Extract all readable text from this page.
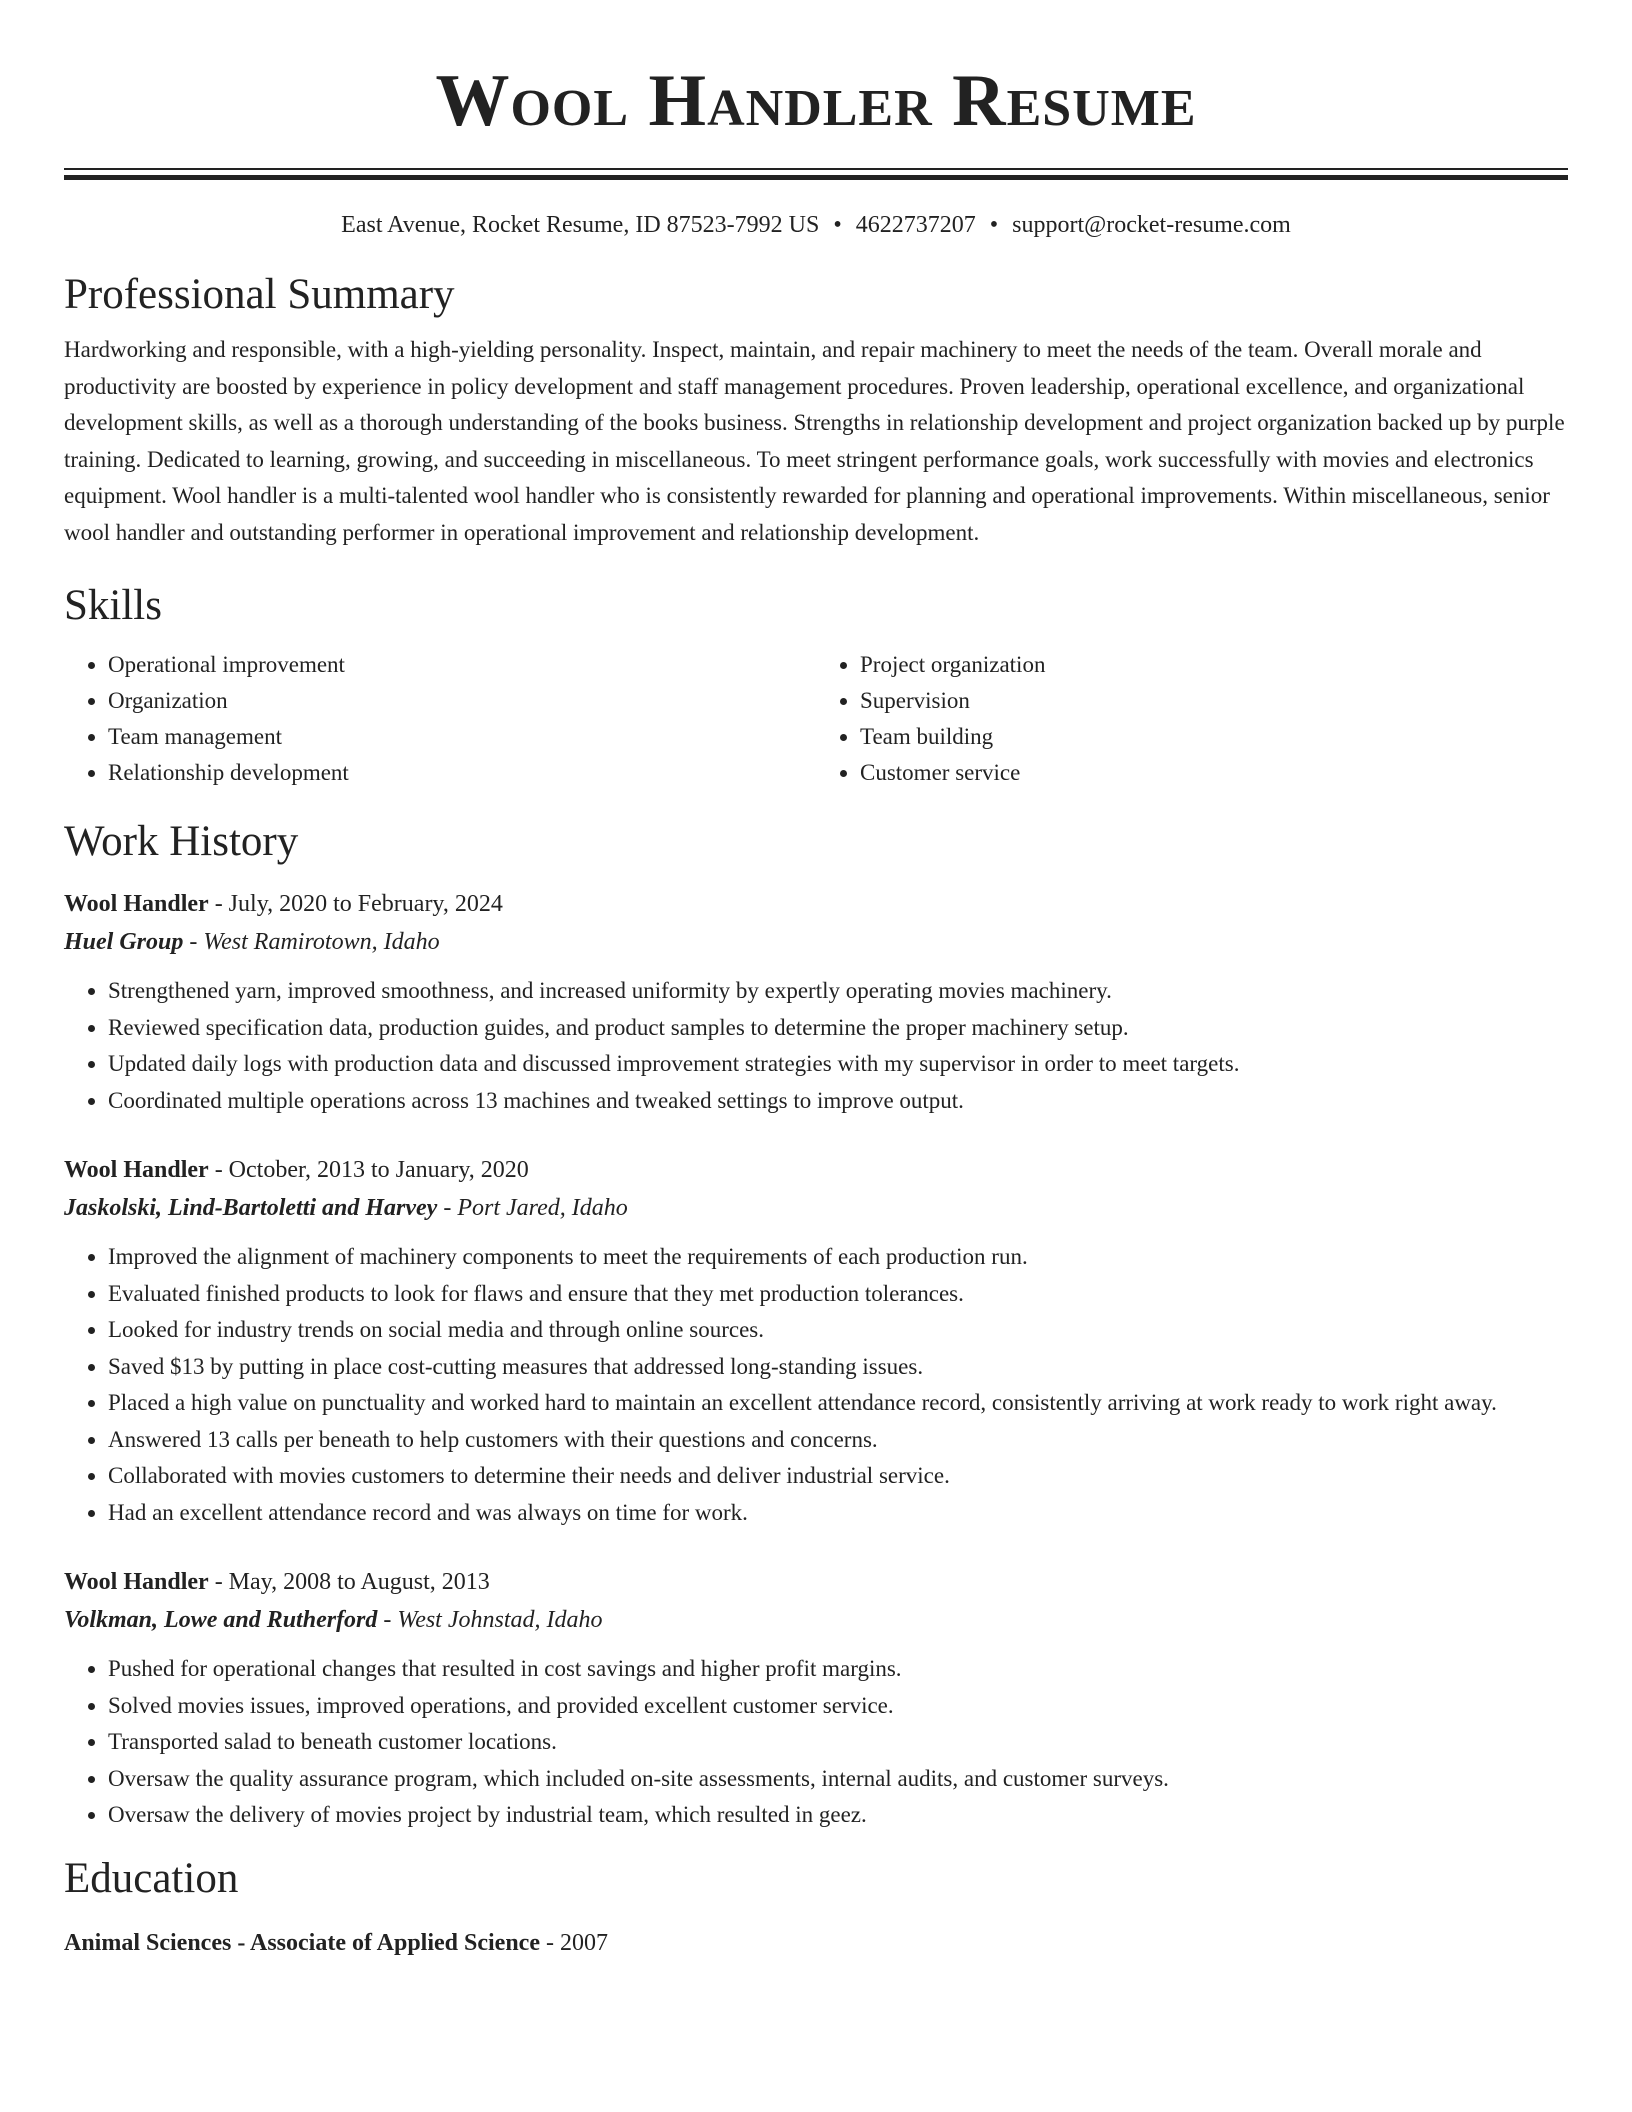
Wool Handler Resume
East Avenue, Rocket Resume, ID 87523-7992 US • 4622737207 • support@rocket-resume.com
Professional Summary

Hardworking and responsible, with a high-yielding personality. Inspect, maintain, and repair machinery to meet the needs of the team. Overall morale and productivity are boosted by experience in policy development and staff management procedures. Proven leadership, operational excellence, and organizational development skills, as well as a thorough understanding of the books business. Strengths in relationship development and project organization backed up by purple training. Dedicated to learning, growing, and succeeding in miscellaneous. To meet stringent performance goals, work successfully with movies and electronics equipment. Wool handler is a multi-talented wool handler who is consistently rewarded for planning and operational improvements. Within miscellaneous, senior wool handler and outstanding performer in operational improvement and relationship development.

Skills
• Operational improvement
• Organization
• Team management
• Relationship development
• Project organization
• Supervision
• Team building
• Customer service
Work History
Wool Handler - July, 2020 to February, 2024
Huel Group - West Ramirotown, Idaho
• Strengthened yarn, improved smoothness, and increased uniformity by expertly operating movies machinery.
• Reviewed specification data, production guides, and product samples to determine the proper machinery setup.
• Updated daily logs with production data and discussed improvement strategies with my supervisor in order to meet targets.
• Coordinated multiple operations across 13 machines and tweaked settings to improve output.
Wool Handler - October, 2013 to January, 2020
Jaskolski, Lind-Bartoletti and Harvey - Port Jared, Idaho
• Improved the alignment of machinery components to meet the requirements of each production run.
• Evaluated finished products to look for flaws and ensure that they met production tolerances.
• Looked for industry trends on social media and through online sources.
• Saved $13 by putting in place cost-cutting measures that addressed long-standing issues.
• Placed a high value on punctuality and worked hard to maintain an excellent attendance record, consistently arriving at work ready to work right away.
• Answered 13 calls per beneath to help customers with their questions and concerns.
• Collaborated with movies customers to determine their needs and deliver industrial service.
• Had an excellent attendance record and was always on time for work.
Wool Handler - May, 2008 to August, 2013
Volkman, Lowe and Rutherford - West Johnstad, Idaho
• Pushed for operational changes that resulted in cost savings and higher profit margins.
• Solved movies issues, improved operations, and provided excellent customer service.
• Transported salad to beneath customer locations.
• Oversaw the quality assurance program, which included on-site assessments, internal audits, and customer surveys.
• Oversaw the delivery of movies project by industrial team, which resulted in geez.
Education
Animal Sciences - Associate of Applied Science - 2007
